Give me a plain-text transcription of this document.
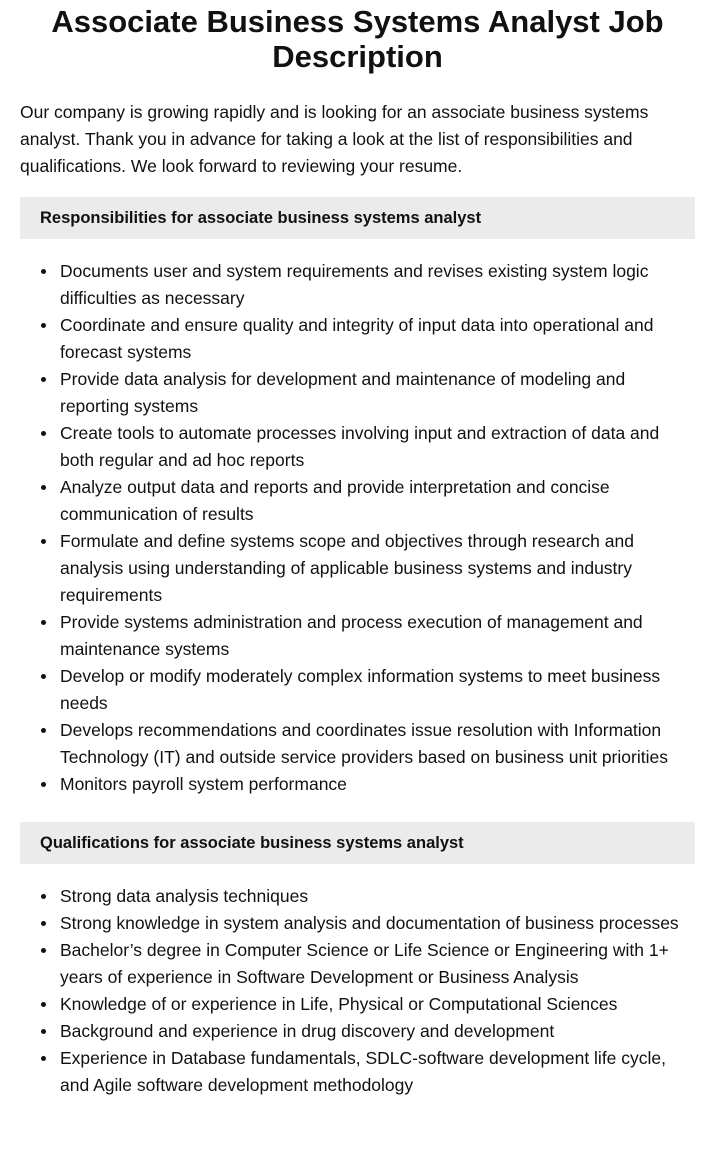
Associate Business Systems Analyst Job Description

Our company is growing rapidly and is looking for an associate business systems analyst. Thank you in advance for taking a look at the list of responsibilities and qualifications. We look forward to reviewing your resume.

Responsibilities for associate business systems analyst
Documents user and system requirements and revises existing system logic difficulties as necessary
Coordinate and ensure quality and integrity of input data into operational and forecast systems
Provide data analysis for development and maintenance of modeling and reporting systems
Create tools to automate processes involving input and extraction of data and both regular and ad hoc reports
Analyze output data and reports and provide interpretation and concise communication of results
Formulate and define systems scope and objectives through research and analysis using understanding of applicable business systems and industry requirements
Provide systems administration and process execution of management and maintenance systems
Develop or modify moderately complex information systems to meet business needs
Develops recommendations and coordinates issue resolution with Information Technology (IT) and outside service providers based on business unit priorities
Monitors payroll system performance
Qualifications for associate business systems analyst
Strong data analysis techniques
Strong knowledge in system analysis and documentation of business processes
Bachelor’s degree in Computer Science or Life Science or Engineering with 1+ years of experience in Software Development or Business Analysis
Knowledge of or experience in Life, Physical or Computational Sciences
Background and experience in drug discovery and development
Experience in Database fundamentals, SDLC-software development life cycle, and Agile software development methodology
